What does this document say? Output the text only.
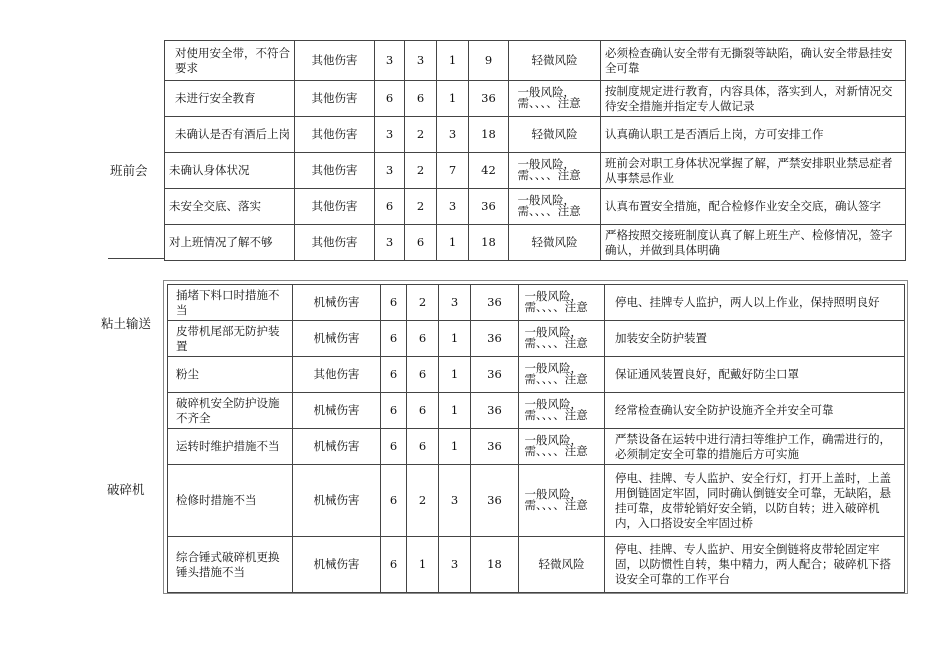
班前会
对使用安全带，不符合要求	其他伤害	3	3	1	9	轻微风险	必须检查确认安全带有无撕裂等缺陷，确认安全带悬挂安全可靠
未进行安全教育	其他伤害	6	6	1	36	一般风险，需、、、、注意	按制度规定进行教育，内容具体，落实到人，对新情况交待安全措施并指定专人做记录
未确认是否有酒后上岗	其他伤害	3	2	3	18	轻微风险	认真确认职工是否酒后上岗，方可安排工作
未确认身体状况	其他伤害	3	2	7	42	一般风险，需、、、、注意	班前会对职工身体状况掌握了解，严禁安排职业禁忌症者从事禁忌作业
未安全交底、落实	其他伤害	6	2	3	36	一般风险，需、、、、注意	认真布置安全措施，配合检修作业安全交底，确认签字
对上班情况了解不够	其他伤害	3	6	1	18	轻微风险	严格按照交接班制度认真了解上班生产、检修情况，签字确认，并做到具体明确
粘土输送
破碎机
捅堵下料口时措施不当	机械伤害	6	2	3	36	一般风险，需、、、、注意	停电、挂牌专人监护，两人以上作业，保持照明良好
皮带机尾部无防护装置	机械伤害	6	6	1	36	一般风险，需、、、、注意	加装安全防护装置
粉尘	其他伤害	6	6	1	36	一般风险，需、、、、注意	保证通风装置良好，配戴好防尘口罩
破碎机安全防护设施不齐全	机械伤害	6	6	1	36	一般风险，需、、、、注意	经常检查确认安全防护设施齐全并安全可靠
运转时维护措施不当	机械伤害	6	6	1	36	一般风险，需、、、、注意	严禁设备在运转中进行清扫等维护工作，确需进行的，必须制定安全可靠的措施后方可实施
检修时措施不当	机械伤害	6	2	3	36	一般风险，需、、、、注意	停电、挂牌、专人监护、安全行灯，打开上盖时，上盖用倒链固定牢固，同时确认倒链安全可靠，无缺陷，悬挂可靠，皮带轮销好安全销，以防自转；进入破碎机内，入口搭设安全牢固过桥
综合锤式破碎机更换锤头措施不当	机械伤害	6	1	3	18	轻微风险	停电、挂牌、专人监护、用安全倒链将皮带轮固定牢固，以防惯性自转，集中精力，两人配合；破碎机下搭设安全可靠的工作平台
